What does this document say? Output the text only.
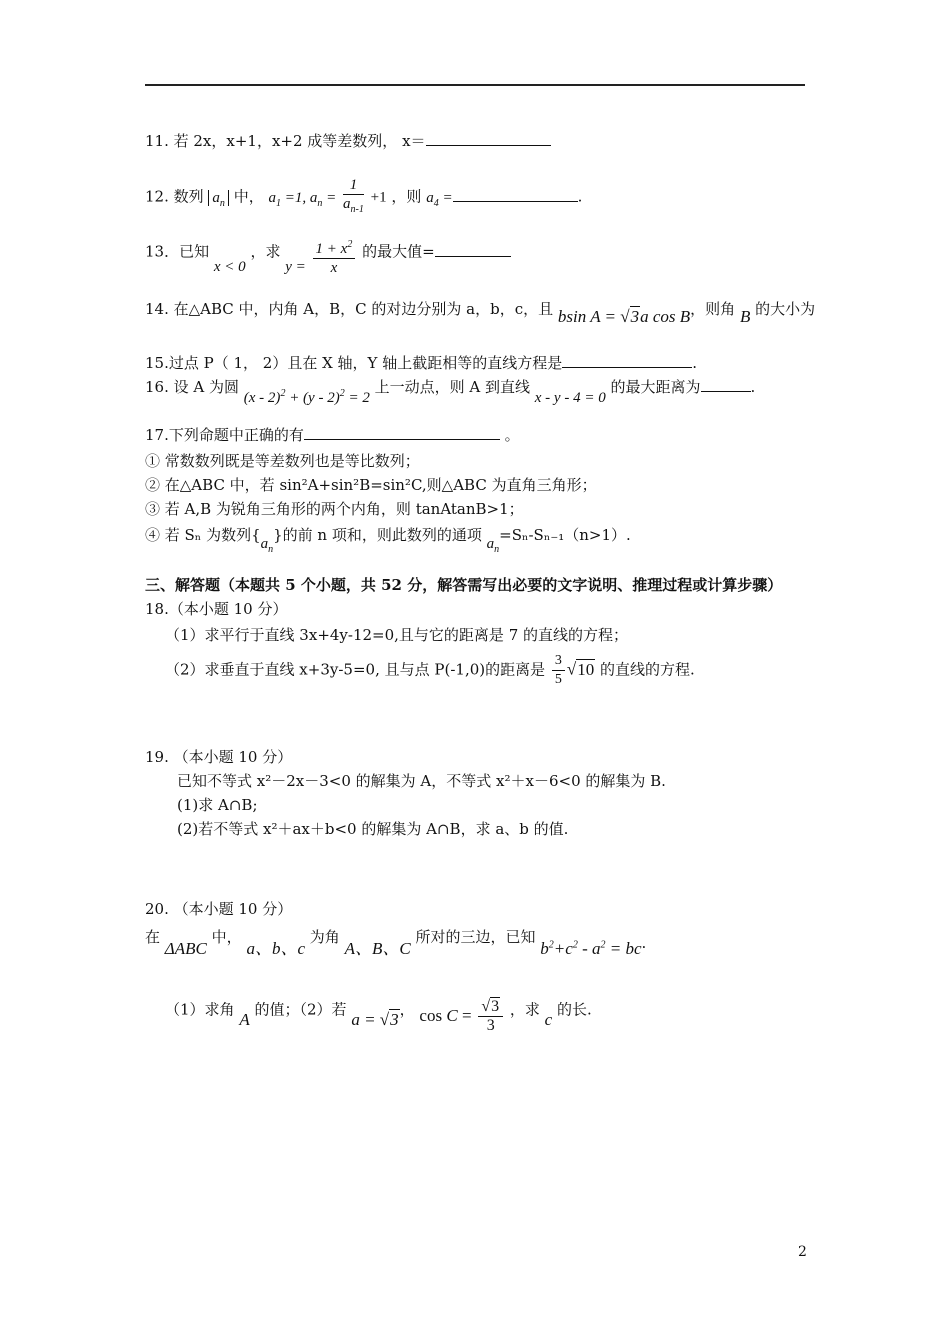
11. 若 2x，x+1，x+2 成等差数列， x＝
12. 数列 $a_n$ 中， $a_1 =1$, $a_n = \frac{1}{a_{n-1}} +1$ ，则 $a_4$ =	.
13．已知 x < 0 ，求 $y = \frac{1 + x^2}{x}$ 的最大值=
14. 在△ABC 中，内角 A，B，C 的对边分别为 a，b，c，且 bsin A = √3a cos B，则角 B 的大小为
15.过点 P（ 1， 2）且在 X 轴，Y 轴上截距相等的直线方程是	.
16. 设 A 为圆 (x - 2)$^2$ + (y - 2)$^2$ = 2 上一动点，则 A 到直线 x - y - 4 = 0 的最大距离为	.
17.下列命题中正确的有	。
① 常数数列既是等差数列也是等比数列；
② 在△ABC 中，若 sin²A+sin²B=sin²C,则△ABC 为直角三角形；
③ 若 A,B 为锐角三角形的两个内角，则 tanAtanB>1；
④ 若 Sₙ 为数列$\{a_n\}$的前 n 项和，则此数列的通项 $a_n=S_n-S_{n-1}(n>1)$.
三、解答题（本题共 5 个小题，共 52 分，解答需写出必要的文字说明、推理过程或计算步骤）
18.（本小题 10 分）
（1）求平行于直线 3x+4y-12=0,且与它的距离是 7 的直线的方程；
（2）求垂直于直线 x+3y-5=0, 且与点 P(-1,0)的距离是 $\frac{3}{5} √10$ 的直线的方程.
19. （本小题 10 分）
已知不等式 x²－2x－3<0 的解集为 A，不等式 x²＋x－6<0 的解集为 B.
(1)求 A∩B;
(2)若不等式 x²＋ax＋b<0 的解集为 A∩B，求 a、b 的值.
20. （本小题 10 分）
在 ΔABC 中， a、b、c 为角 A、B、C 所对的三边，已知 $b^2+c^2 - a^2$ = bc.
（1）求角 A 的值；（2）若 a = √3， $\cos C = \frac{√3}{3}$ ，求 c 的长.
2
